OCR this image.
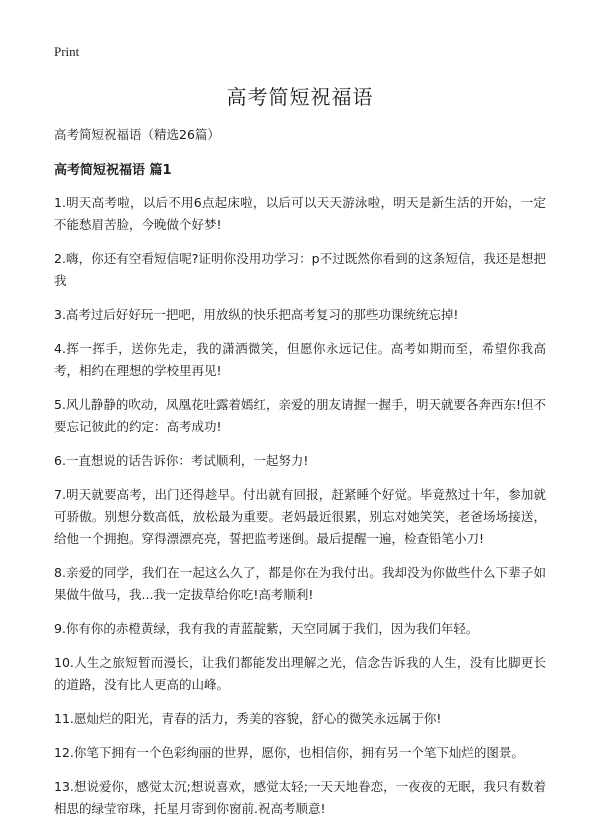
Print
高考简短祝福语
高考简短祝福语（精选26篇）
高考简短祝福语 篇1

1.明天高考啦，以后不用6点起床啦，以后可以天天游泳啦，明天是新生活的开始，一定不能愁眉苦脸，今晚做个好梦!

2.嗨，你还有空看短信呢?证明你没用功学习：p不过既然你看到的这条短信，我还是想把我

3.高考过后好好玩一把吧，用放纵的快乐把高考复习的那些功课统统忘掉!

4.挥一挥手，送你先走，我的潇洒微笑，但愿你永远记住。高考如期而至，希望你我高考，相约在理想的学校里再见!

5.风儿静静的吹动，凤凰花吐露着嫣红，亲爱的朋友请握一握手，明天就要各奔西东!但不要忘记彼此的约定：高考成功!

6.一直想说的话告诉你：考试顺利，一起努力!

7.明天就要高考，出门还得趁早。付出就有回报，赶紧睡个好觉。毕竟熬过十年，参加就可骄傲。别想分数高低，放松最为重要。老妈最近很累，别忘对她笑笑，老爸场场接送，给他一个拥抱。穿得漂漂亮亮，誓把监考迷倒。最后提醒一遍，检查铅笔小刀!

8.亲爱的同学，我们在一起这么久了，都是你在为我付出。我却没为你做些什么下辈子如果做牛做马，我...我一定拔草给你吃!高考顺利!

9.你有你的赤橙黄绿，我有我的青蓝靛紫，天空同属于我们，因为我们年轻。

10.人生之旅短暂而漫长，让我们都能发出理解之光，信念告诉我的人生，没有比脚更长的道路，没有比人更高的山峰。

11.愿灿烂的阳光，青春的活力，秀美的容貌，舒心的微笑永远属于你!

12.你笔下拥有一个色彩绚丽的世界，愿你，也相信你，拥有另一个笔下灿烂的图景。

13.想说爱你，感觉太沉;想说喜欢，感觉太轻;一天天地眷恋，一夜夜的无眠，我只有数着相思的绿莹帘珠，托星月寄到你窗前.祝高考顺意!
